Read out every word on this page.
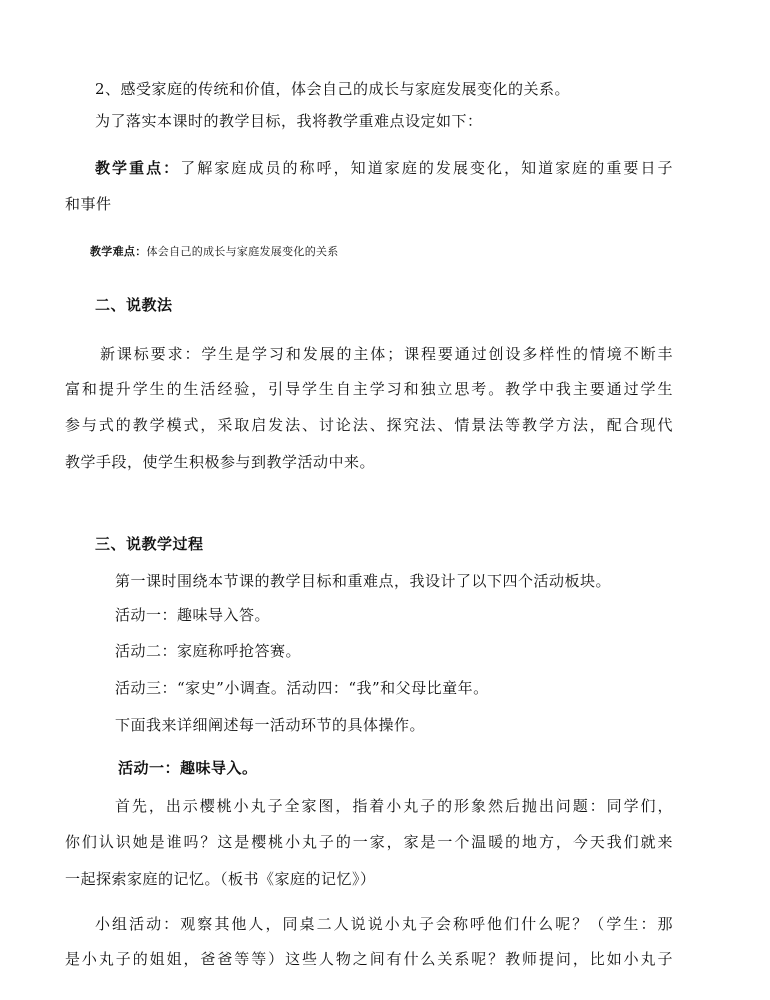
2、感受家庭的传统和价值，体会自己的成长与家庭发展变化的关系。
为了落实本课时的教学目标，我将教学重难点设定如下：
教学重点：了解家庭成员的称呼，知道家庭的发展变化，知道家庭的重要日子
和事件
教学难点：体会自己的成长与家庭发展变化的关系
二、说教法
新课标要求：学生是学习和发展的主体；课程要通过创设多样性的情境不断丰
富和提升学生的生活经验，引导学生自主学习和独立思考。教学中我主要通过学生
参与式的教学模式，采取启发法、讨论法、探究法、情景法等教学方法，配合现代
教学手段，使学生积极参与到教学活动中来。
三、说教学过程
第一课时围绕本节课的教学目标和重难点，我设计了以下四个活动板块。
活动一：趣味导入答。
活动二：家庭称呼抢答赛。
活动三：“家史”小调查。活动四：“我”和父母比童年。
下面我来详细阐述每一活动环节的具体操作。
活动一：趣味导入。
首先，出示樱桃小丸子全家图，指着小丸子的形象然后抛出问题：同学们，
你们认识她是谁吗？这是樱桃小丸子的一家，家是一个温暖的地方，今天我们就来
一起探索家庭的记忆。（板书《家庭的记忆》）
小组活动：观察其他人，同桌二人说说小丸子会称呼他们什么呢？（学生：那
是小丸子的姐姐，爸爸等等）这些人物之间有什么关系呢？教师提问，比如小丸子
